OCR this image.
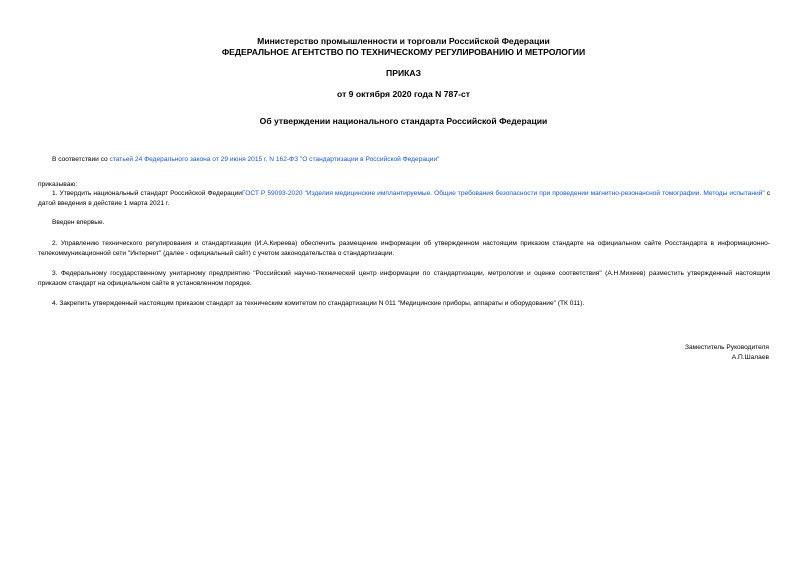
Министерство промышленности и торговли Российской Федерации
ФЕДЕРАЛЬНОЕ АГЕНТСТВО ПО ТЕХНИЧЕСКОМУ РЕГУЛИРОВАНИЮ И МЕТРОЛОГИИ
ПРИКАЗ
от 9 октября 2020 года N 787-ст
Об утверждении национального стандарта Российской Федерации
В соответствии со статьей 24 Федерального закона от 29 июня 2015 г. N 162-ФЗ "О стандартизации в Российской Федерации"
приказываю:
1. Утвердить национальный стандарт Российской ФедерацииГОСТ Р 59093-2020 "Изделия медицинские имплантируемые. Общие требования безопасности при проведении магнитно-резонансной томографии. Методы испытаний" с датой введения в действие 1 марта 2021 г.
Введен впервые.
2. Управлению технического регулирования и стандартизации (И.А.Киреева) обеспечить размещение информации об утвержденном настоящим приказом стандарте на официальном сайте Росстандарта в информационно-телекоммуникационной сети "Интернет" (далее - официальный сайт) с учетом законодательства о стандартизации.
3. Федеральному государственному унитарному предприятию "Российский научно-технический центр информации по стандартизации, метрологии и оценке соответствия" (А.Н.Михеев) разместить утвержденный настоящим приказом стандарт на официальном сайте в установленном порядке.
4. Закрепить утвержденный настоящим приказом стандарт за техническим комитетом по стандартизации N 011 "Медицинские приборы, аппараты и оборудование" (ТК 011).
Заместитель Руководителя
А.П.Шалаев
